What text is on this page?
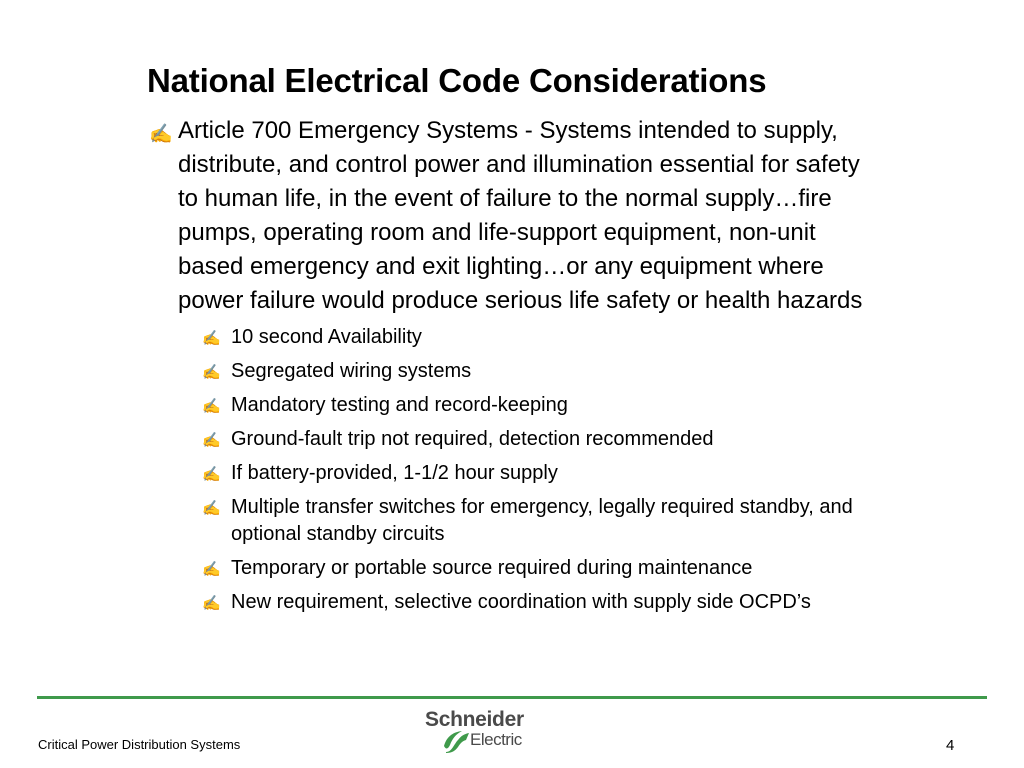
National Electrical Code Considerations
✍ Article 700 Emergency Systems - Systems intended to supply, distribute, and control power and illumination essential for safety to human life, in the event of failure to the normal supply…fire pumps, operating room and life-support equipment, non-unit based emergency and exit lighting…or any equipment where power failure would produce serious life safety or health hazards
✍ 10 second Availability
✍ Segregated wiring systems
✍ Mandatory testing and record-keeping
✍ Ground-fault trip not required, detection recommended
✍ If battery-provided, 1-1/2 hour supply
✍ Multiple transfer switches for emergency, legally required standby, and optional standby circuits
✍ Temporary or portable source required during maintenance
✍ New requirement, selective coordination with supply side OCPD’s
Schneider
Electric
Critical Power Distribution Systems	4
